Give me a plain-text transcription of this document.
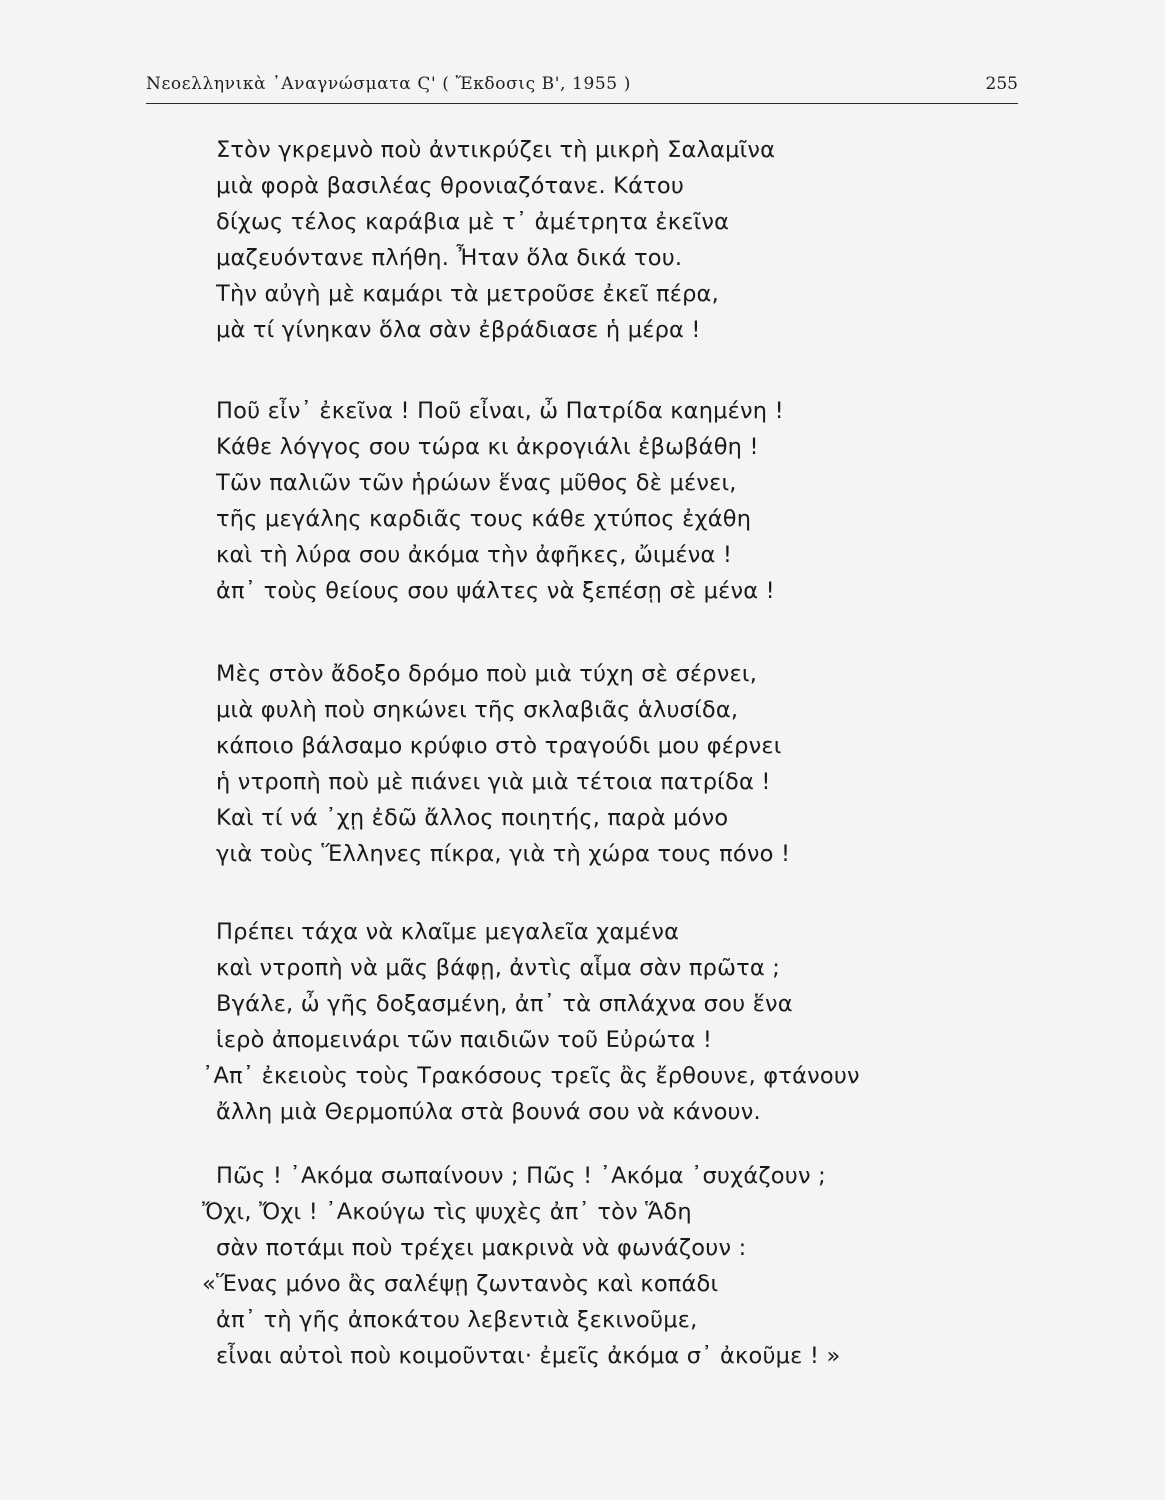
Νεοελληνικὰ ᾿Αναγνώσματα Ϛ' ( Ἔκδοσις Β', 1955 )	255
Στὸν γκρεμνὸ ποὺ ἀντικρύζει τὴ μικρὴ Σαλαμῖνα
μιὰ φορὰ βασιλέας θρονιαζότανε. Κάτου
δίχως τέλος καράβια μὲ τ᾿ ἀμέτρητα ἐκεῖνα
μαζευόντανε πλήθη. Ἦταν ὅλα δικά του.
Τὴν αὐγὴ μὲ καμάρι τὰ μετροῦσε ἐκεῖ πέρα,
μὰ τί γίνηκαν ὅλα σὰν ἐβράδιασε ἡ μέρα !
Ποῦ εἶν᾿ ἐκεῖνα ! Ποῦ εἶναι, ὦ Πατρίδα καημένη !
Κάθε λόγγος σου τώρα κι ἀκρογιάλι ἐβωβάθη !
Τῶν παλιῶν τῶν ἡρώων ἕνας μῦθος δὲ μένει,
τῆς μεγάλης καρδιᾶς τους κάθε χτύπος ἐχάθη
καὶ τὴ λύρα σου ἀκόμα τὴν ἀφῆκες, ὤιμένα !
ἀπ᾿ τοὺς θείους σου ψάλτες νὰ ξεπέσῃ σὲ μένα !
Μὲς στὸν ἄδοξο δρόμο ποὺ μιὰ τύχη σὲ σέρνει,
μιὰ φυλὴ ποὺ σηκώνει τῆς σκλαβιᾶς ἁλυσίδα,
κάποιο βάλσαμο κρύφιο στὸ τραγούδι μου φέρνει
ἡ ντροπὴ ποὺ μὲ πιάνει γιὰ μιὰ τέτοια πατρίδα !
Καὶ τί νά ᾿χῃ ἐδῶ ἄλλος ποιητής, παρὰ μόνο
γιὰ τοὺς Ἕλληνες πίκρα, γιὰ τὴ χώρα τους πόνο !
Πρέπει τάχα νὰ κλαῖμε μεγαλεῖα χαμένα
καὶ ντροπὴ νὰ μᾶς βάφῃ, ἀντὶς αἷμα σὰν πρῶτα ;
Βγάλε, ὦ γῆς δοξασμένη, ἀπ᾿ τὰ σπλάχνα σου ἕνα
ἱερὸ ἀπομεινάρι τῶν παιδιῶν τοῦ Εὐρώτα !
᾿Απ᾿ ἐκειοὺς τοὺς Τρακόσους τρεῖς ἂς ἔρθουνε, φτάνουν
ἄλλη μιὰ Θερμοπύλα στὰ βουνά σου νὰ κάνουν.
Πῶς ! ᾿Ακόμα σωπαίνουν ; Πῶς ! ᾿Ακόμα ᾿συχάζουν ;
Ὄχι, Ὄχι ! ᾿Ακούγω τὶς ψυχὲς ἀπ᾿ τὸν Ἅδη
σὰν ποτάμι ποὺ τρέχει μακρινὰ νὰ φωνάζουν :
«Ἕνας μόνο ἂς σαλέψῃ ζωντανὸς καὶ κοπάδι
ἀπ᾿ τὴ γῆς ἀποκάτου λεβεντιὰ ξεκινοῦμε,
εἶναι αὐτοὶ ποὺ κοιμοῦνται· ἐμεῖς ἀκόμα σ᾿ ἀκοῦμε ! »
